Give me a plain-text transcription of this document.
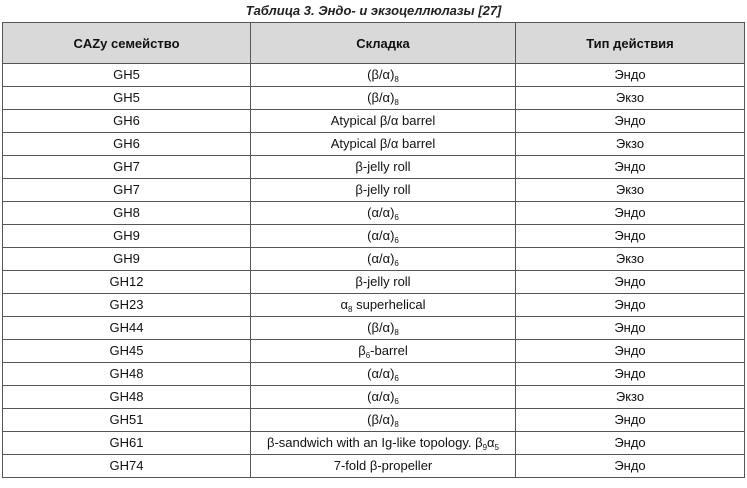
Таблица 3. Эндо- и экзоцеллюлазы [27]
CAZy семейство	Складка	Тип действия
GH5	$(\beta/\alpha)_8$	Эндо
GH5	$(\beta/\alpha)_8$	Экзо
GH6	Atypical β/α barrel	Эндо
GH6	Atypical β/α barrel	Экзо
GH7	β-jelly roll	Эндо
GH7	β-jelly roll	Экзо
GH8	$(\alpha/\alpha)_6$	Эндо
GH9	$(\alpha/\alpha)_6$	Эндо
GH9	$(\alpha/\alpha)_6$	Экзо
GH12	β-jelly roll	Эндо
GH23	$\alpha_8$ superhelical	Эндо
GH44	$(\beta/\alpha)_8$	Эндо
GH45	$\beta_6$-barrel	Эндо
GH48	$(\alpha/\alpha)_6$	Эндо
GH48	$(\alpha/\alpha)_6$	Экзо
GH51	$(\beta/\alpha)_8$	Эндо
GH61	β-sandwich with an Ig-like topology. $\beta_9\alpha_5$	Эндо
GH74	7-fold β-propeller	Эндо
